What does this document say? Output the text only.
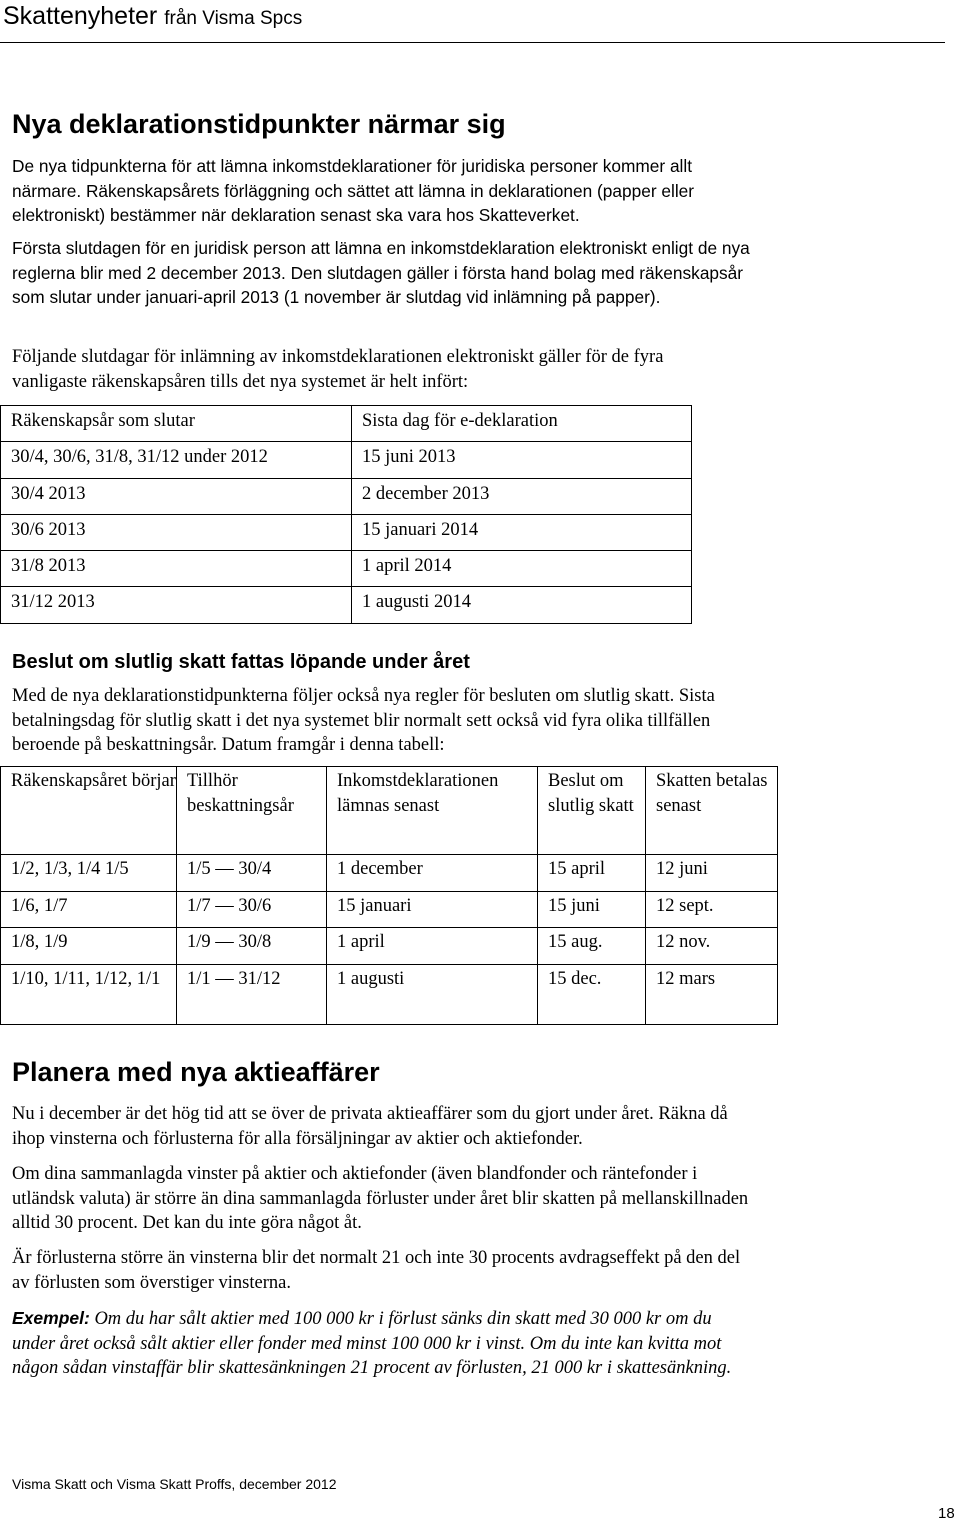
Skattenyheter från Visma Spcs
Nya deklarationstidpunkter närmar sig
De nya tidpunkterna för att lämna inkomstdeklarationer för juridiska personer kommer allt närmare. Räkenskapsårets förläggning och sättet att lämna in deklarationen (papper eller elektroniskt) bestämmer när deklaration senast ska vara hos Skatteverket.
Första slutdagen för en juridisk person att lämna en inkomstdeklaration elektroniskt enligt de nya reglerna blir med 2 december 2013. Den slutdagen gäller i första hand bolag med räkenskapsår som slutar under januari-april 2013 (1 november är slutdag vid inlämning på papper).
Följande slutdagar för inlämning av inkomstdeklarationen elektroniskt gäller för de fyra vanligaste räkenskapsåren tills det nya systemet är helt infört:
Räkenskapsår som slutar	Sista dag för e-deklaration
30/4, 30/6, 31/8, 31/12 under 2012	15 juni 2013
30/4 2013	2 december 2013
30/6 2013	15 januari 2014
31/8 2013	1 april 2014
31/12 2013	1 augusti 2014
Beslut om slutlig skatt fattas löpande under året
Med de nya deklarationstidpunkterna följer också nya regler för besluten om slutlig skatt. Sista betalningsdag för slutlig skatt i det nya systemet blir normalt sett också vid fyra olika tillfällen beroende på beskattningsår. Datum framgår i denna tabell:
Räkenskapsåret börjar	Tillhör beskattningsår	Inkomstdeklarationen lämnas senast	Beslut om slutlig skatt	Skatten betalas senast
1/2, 1/3, 1/4 1/5	1/5 — 30/4	1 december	15 april	12 juni
1/6, 1/7	1/7 — 30/6	15 januari	15 juni	12 sept.
1/8, 1/9	1/9 — 30/8	1 april	15 aug.	12 nov.
1/10, 1/11, 1/12, 1/1	1/1 — 31/12	1 augusti	15 dec.	12 mars
Planera med nya aktieaffärer
Nu i december är det hög tid att se över de privata aktieaffärer som du gjort under året. Räkna då ihop vinsterna och förlusterna för alla försäljningar av aktier och aktiefonder.
Om dina sammanlagda vinster på aktier och aktiefonder (även blandfonder och räntefonder i utländsk valuta) är större än dina sammanlagda förluster under året blir skatten på mellanskillnaden alltid 30 procent. Det kan du inte göra något åt.
Är förlusterna större än vinsterna blir det normalt 21 och inte 30 procents avdragseffekt på den del av förlusten som överstiger vinsterna.
Exempel: Om du har sålt aktier med 100 000 kr i förlust sänks din skatt med 30 000 kr om du under året också sålt aktier eller fonder med minst 100 000 kr i vinst. Om du inte kan kvitta mot någon sådan vinstaffär blir skattesänkningen 21 procent av förlusten, 21 000 kr i skattesänkning.
Visma Skatt och Visma Skatt Proffs, december 2012
18
